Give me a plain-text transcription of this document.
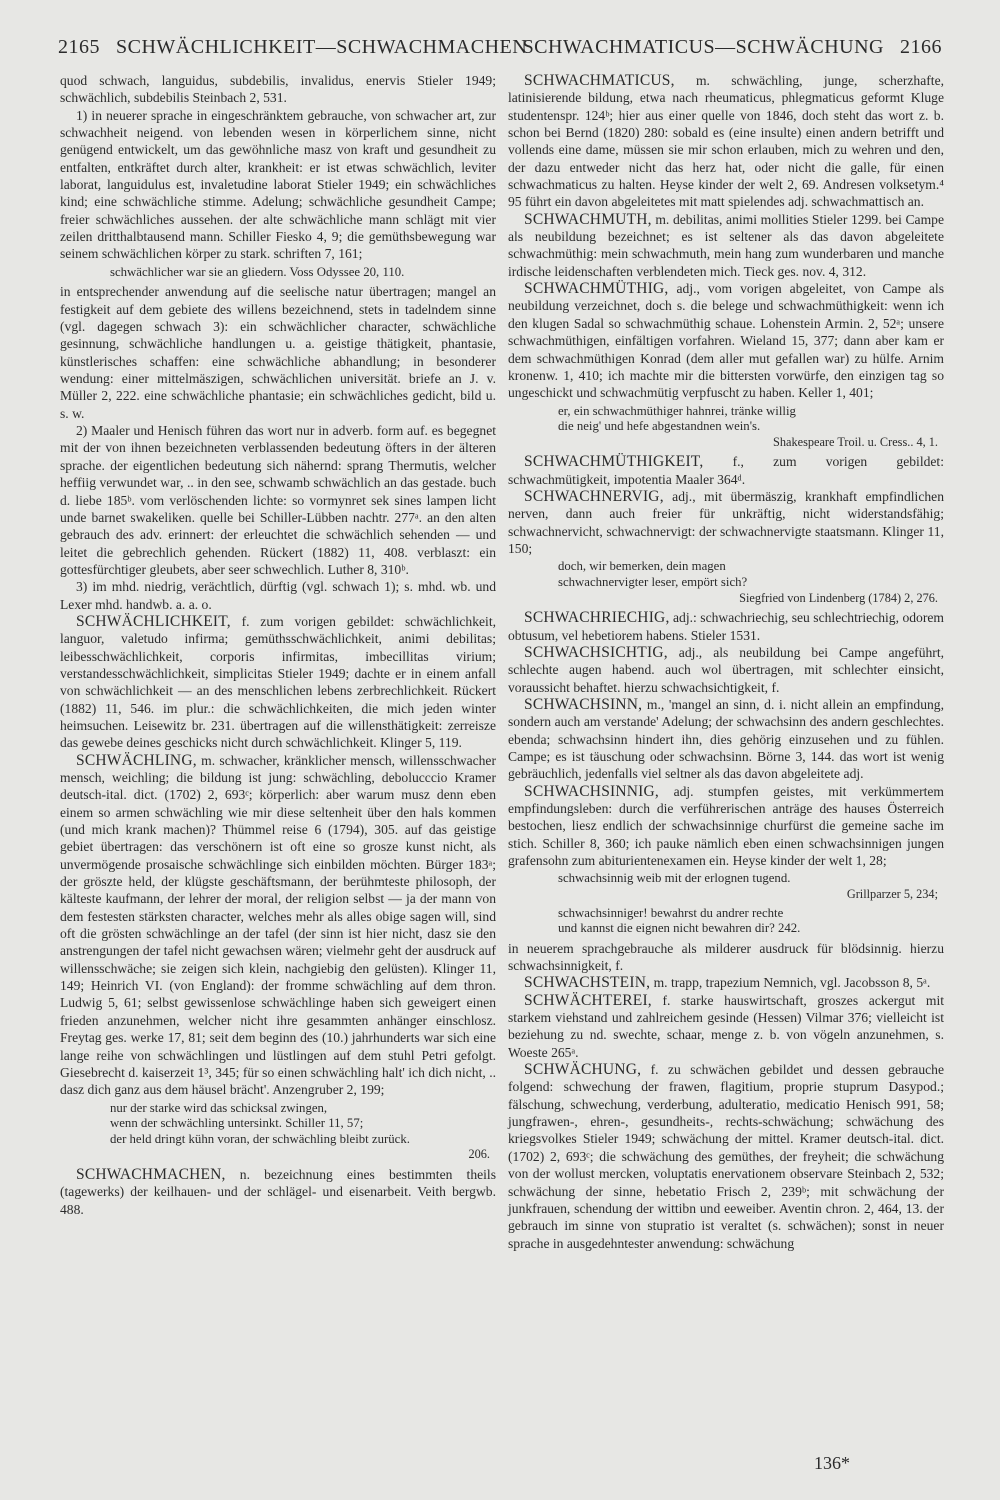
2165 SCHWÄCHLICHKEIT—SCHWACHMACHEN
SCHWACHMATICUS—SCHWÄCHUNG 2166

quod schwach, languidus, subdebilis, invalidus, enervis Stieler 1949; schwächlich, subdebilis Steinbach 2, 531.

1) in neuerer sprache in eingeschränktem gebrauche, von schwacher art, zur schwachheit neigend. von lebenden wesen in körperlichem sinne, nicht genügend entwickelt, um das gewöhnliche masz von kraft und gesundheit zu entfalten, entkräftet durch alter, krankheit: er ist etwas schwächlich, leviter laborat, languidulus est, invaletudine laborat Stieler 1949; ein schwächliches kind; eine schwächliche stimme. Adelung; schwächliche gesundheit Campe; freier schwächliches aussehen. der alte schwächliche mann schlägt mit vier zeilen dritthalbtausend mann. Schiller Fiesko 4, 9; die gemüthsbewegung war seinem schwächlichen körper zu stark. schriften 7, 161;

schwächlicher war sie an gliedern. Voss Odyssee 20, 110.

in entsprechender anwendung auf die seelische natur übertragen; mangel an festigkeit auf dem gebiete des willens bezeichnend, stets in tadelndem sinne (vgl. dagegen schwach 3): ein schwächlicher character, schwächliche gesinnung, schwächliche handlungen u. a. geistige thätigkeit, phantasie, künstlerisches schaffen: eine schwächliche abhandlung; in besonderer wendung: einer mittelmäszigen, schwächlichen universität. briefe an J. v. Müller 2, 222. eine schwächliche phantasie; ein schwächliches gedicht, bild u. s. w.

2) Maaler und Henisch führen das wort nur in adverb. form auf. es begegnet mit der von ihnen bezeichneten verblassenden bedeutung öfters in der älteren sprache. der eigentlichen bedeutung sich nähernd: sprang Thermutis, welcher heffiig verwundet war, .. in den see, schwamb schwächlich an das gestade. buch d. liebe 185ᵇ. vom verlöschenden lichte: so vormynret sek sines lampen licht unde barnet swakeliken. quelle bei Schiller-Lübben nachtr. 277ᵃ. an den alten gebrauch des adv. erinnert: der erleuchtet die schwächlich sehenden — und leitet die gebrechlich gehenden. Rückert (1882) 11, 408. verblaszt: ein gottesfürchtiger gleubets, aber seer schwechlich. Luther 8, 310ᵇ.

3) im mhd. niedrig, verächtlich, dürftig (vgl. schwach 1); s. mhd. wb. und Lexer mhd. handwb. a. a. o.

SCHWÄCHLICHKEIT, f. zum vorigen gebildet: schwächlichkeit, languor, valetudo infirma; gemüthsschwächlichkeit, animi debilitas; leibesschwächlichkeit, corporis infirmitas, imbecillitas virium; verstandesschwächlichkeit, simplicitas Stieler 1949; dachte er in einem anfall von schwächlichkeit — an des menschlichen lebens zerbrechlichkeit. Rückert (1882) 11, 546. im plur.: die schwächlichkeiten, die mich jeden winter heimsuchen. Leisewitz br. 231. übertragen auf die willensthätigkeit: zerreisze das gewebe deines geschicks nicht durch schwächlichkeit. Klinger 5, 119.

SCHWÄCHLING, m. schwacher, kränklicher mensch, willensschwacher mensch, weichling; die bildung ist jung: schwächling, debolucccio Kramer deutsch-ital. dict. (1702) 2, 693ᶜ; körperlich: aber warum musz denn eben einem so armen schwächling wie mir diese seltenheit über den hals kommen (und mich krank machen)? Thümmel reise 6 (1794), 305. auf das geistige gebiet übertragen: das verschönern ist oft eine so grosze kunst nicht, als unvermögende prosaische schwächlinge sich einbilden möchten. Bürger 183ᵃ; der gröszte held, der klügste geschäftsmann, der berühmteste philosoph, der kälteste kaufmann, der lehrer der moral, der religion selbst — ja der mann von dem festesten stärksten character, welches mehr als alles obige sagen will, sind oft die grösten schwächlinge an der tafel (der sinn ist hier nicht, dasz sie den anstrengungen der tafel nicht gewachsen wären; vielmehr geht der ausdruck auf willensschwäche; sie zeigen sich klein, nachgiebig den gelüsten). Klinger 11, 149; Heinrich VI. (von England): der fromme schwächling auf dem thron. Ludwig 5, 61; selbst gewissenlose schwächlinge haben sich geweigert einen frieden anzunehmen, welcher nicht ihre gesammten anhänger einschlosz. Freytag ges. werke 17, 81; seit dem beginn des (10.) jahrhunderts war sich eine lange reihe von schwächlingen und lüstlingen auf dem stuhl Petri gefolgt. Giesebrecht d. kaiserzeit 1³, 345; für so einen schwächling halt' ich dich nicht, .. dasz dich ganz aus dem häusel brächt'. Anzengruber 2, 199;

nur der starke wird das schicksal zwingen,
wenn der schwächling untersinkt. Schiller 11, 57;
der held dringt kühn voran, der schwächling bleibt zurück.
206.

SCHWACHMACHEN, n. bezeichnung eines bestimmten theils (tagewerks) der keilhauen- und der schlägel- und eisenarbeit. Veith bergwb. 488.

SCHWACHMATICUS, m. schwächling, junge, scherzhafte, latinisierende bildung, etwa nach rheumaticus, phlegmaticus geformt Kluge studentenspr. 124ᵇ; hier aus einer quelle von 1846, doch steht das wort z. b. schon bei Bernd (1820) 280: sobald es (eine insulte) einen andern betrifft und vollends eine dame, müssen sie mir schon erlauben, mich zu wehren und den, der dazu entweder nicht das herz hat, oder nicht die galle, für einen schwachmaticus zu halten. Heyse kinder der welt 2, 69. Andresen volksetym.⁴ 95 führt ein davon abgeleitetes mit matt spielendes adj. schwachmattisch an.

SCHWACHMUTH, m. debilitas, animi mollities Stieler 1299. bei Campe als neubildung bezeichnet; es ist seltener als das davon abgeleitete schwachmüthig: mein schwachmuth, mein hang zum wunderbaren und manche irdische leidenschaften verblendeten mich. Tieck ges. nov. 4, 312.

SCHWACHMÜTHIG, adj., vom vorigen abgeleitet, von Campe als neubildung verzeichnet, doch s. die belege und schwachmüthigkeit: wenn ich den klugen Sadal so schwachmüthig schaue. Lohenstein Armin. 2, 52ᵃ; unsere schwachmüthigen, einfältigen vorfahren. Wieland 15, 377; dann aber kam er dem schwachmüthigen Konrad (dem aller mut gefallen war) zu hülfe. Arnim kronenw. 1, 410; ich machte mir die bittersten vorwürfe, den einzigen tag so ungeschickt und schwachmütig verpfuscht zu haben. Keller 1, 401;

er, ein schwachmüthiger hahnrei, tränke willig
die neig' und hefe abgestandnen wein's.
Shakespeare Troil. u. Cress.. 4, 1.

SCHWACHMÜTHIGKEIT, f., zum vorigen gebildet: schwachmütigkeit, impotentia Maaler 364ᵈ.

SCHWACHNERVIG, adj., mit übermäszig, krankhaft empfindlichen nerven, dann auch freier für unkräftig, nicht widerstandsfähig; schwachnervicht, schwachnervigt: der schwachnervigte staatsmann. Klinger 11, 150;

doch, wir bemerken, dein magen
schwachnervigter leser, empört sich?
Siegfried von Lindenberg (1784) 2, 276.

SCHWACHRIECHIG, adj.: schwachriechig, seu schlechtriechig, odorem obtusum, vel hebetiorem habens. Stieler 1531.

SCHWACHSICHTIG, adj., als neubildung bei Campe angeführt, schlechte augen habend. auch wol übertragen, mit schlechter einsicht, voraussicht behaftet. hierzu schwachsichtigkeit, f.

SCHWACHSINN, m., 'mangel an sinn, d. i. nicht allein an empfindung, sondern auch am verstande' Adelung; der schwachsinn des andern geschlechtes. ebenda; schwachsinn hindert ihn, dies gehörig einzusehen und zu fühlen. Campe; es ist täuschung oder schwachsinn. Börne 3, 144. das wort ist wenig gebräuchlich, jedenfalls viel seltner als das davon abgeleitete adj.

SCHWACHSINNIG, adj. stumpfen geistes, mit verkümmertem empfindungsleben: durch die verführerischen anträge des hauses Österreich bestochen, liesz endlich der schwachsinnige churfürst die gemeine sache im stich. Schiller 8, 360; ich pauke nämlich eben einen schwachsinnigen jungen grafensohn zum abiturientenexamen ein. Heyse kinder der welt 1, 28;

schwachsinnig weib mit der erlognen tugend.
Grillparzer 5, 234;
schwachsinniger! bewahrst du andrer rechte
und kannst die eignen nicht bewahren dir? 242.

in neuerem sprachgebrauche als milderer ausdruck für blödsinnig. hierzu schwachsinnigkeit, f.

SCHWACHSTEIN, m. trapp, trapezium Nemnich, vgl. Jacobsson 8, 5ᵃ.

SCHWÄCHTEREI, f. starke hauswirtschaft, groszes ackergut mit starkem viehstand und zahlreichem gesinde (Hessen) Vilmar 376; vielleicht ist beziehung zu nd. swechte, schaar, menge z. b. von vögeln anzunehmen, s. Woeste 265ᵃ.

SCHWÄCHUNG, f. zu schwächen gebildet und dessen gebrauche folgend: schwechung der frawen, flagitium, proprie stuprum Dasypod.; fälschung, schwechung, verderbung, adulteratio, medicatio Henisch 991, 58; jungfrawen-, ehren-, gesundheits-, rechts-schwächung; schwächung des kriegsvolkes Stieler 1949; schwächung der mittel. Kramer deutsch-ital. dict. (1702) 2, 693ᶜ; die schwächung des gemüthes, der freyheit; die schwächung von der wollust mercken, voluptatis enervationem observare Steinbach 2, 532; schwächung der sinne, hebetatio Frisch 2, 239ᵇ; mit schwächung der junkfrauen, schendung der wittibn und eeweiber. Aventin chron. 2, 464, 13. der gebrauch im sinne von stupratio ist veraltet (s. schwächen); sonst in neuer sprache in ausgedehntester anwendung: schwächung

136*
